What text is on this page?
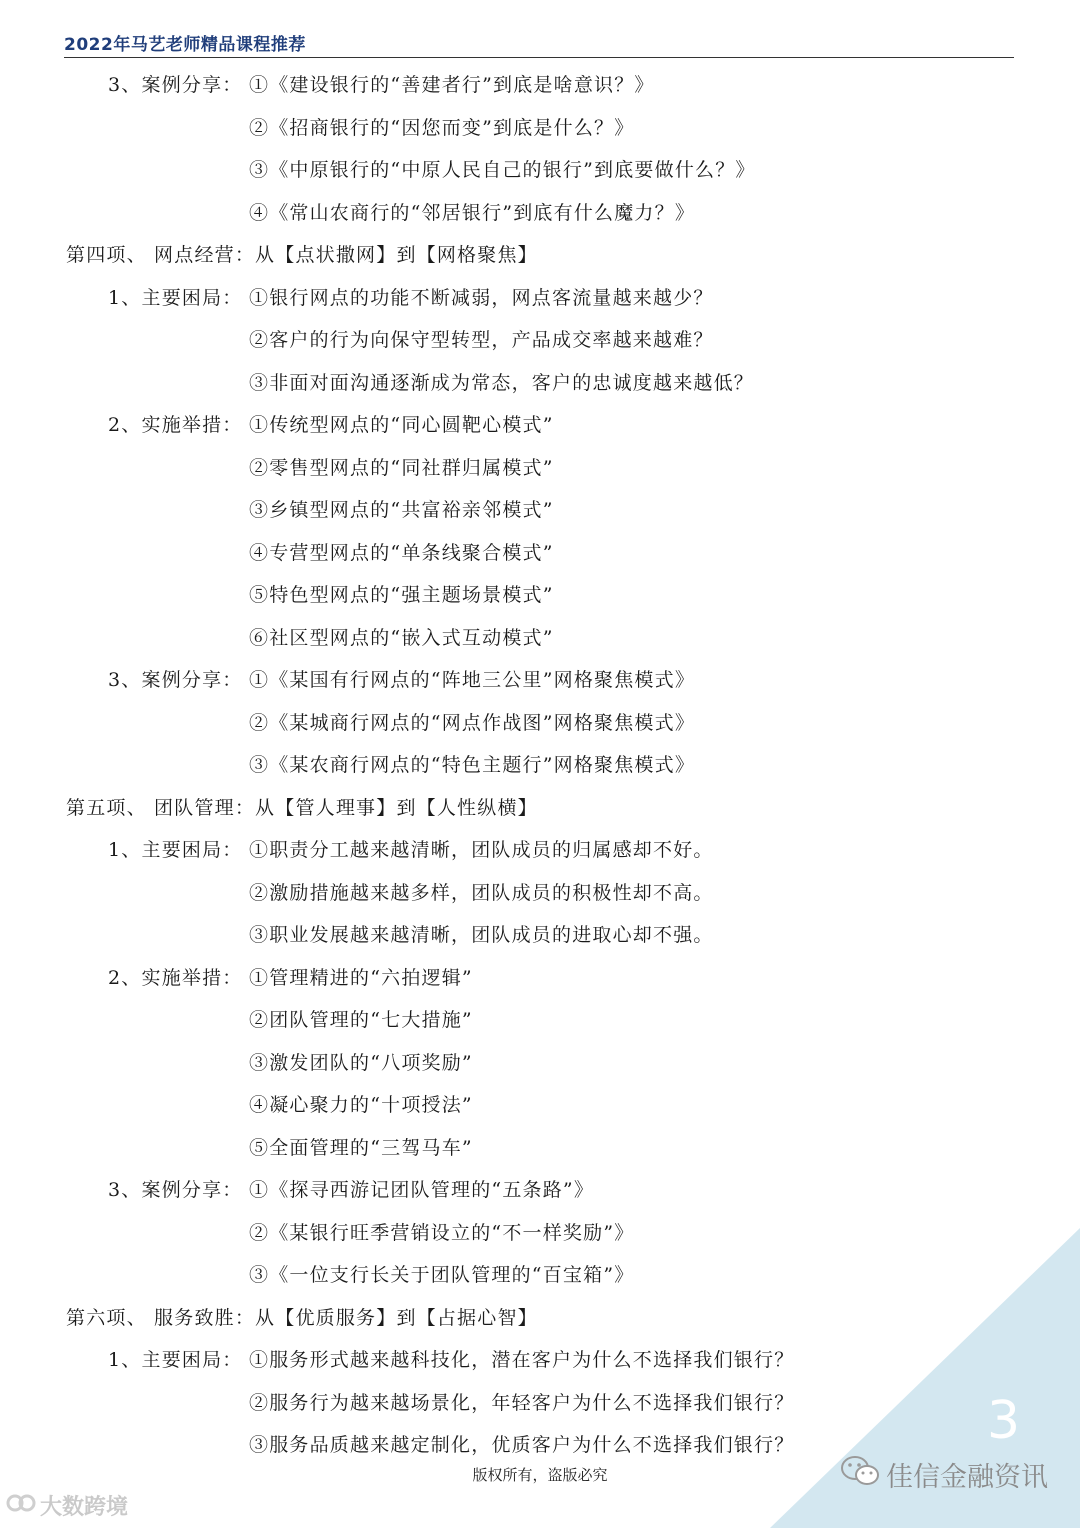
2022年马艺老师精品课程推荐
3、案例分享： ①《建设银行的“善建者行”到底是啥意识？》
②《招商银行的“因您而变”到底是什么？》
③《中原银行的“中原人民自己的银行”到底要做什么？》
④《常山农商行的“邻居银行”到底有什么魔力？》
第四项、 网点经营：从【点状撒网】到【网格聚焦】
1、主要困局： ①银行网点的功能不断减弱，网点客流量越来越少？
②客户的行为向保守型转型，产品成交率越来越难？
③非面对面沟通逐渐成为常态，客户的忠诚度越来越低？
2、实施举措： ①传统型网点的“同心圆靶心模式”
②零售型网点的“同社群归属模式”
③乡镇型网点的“共富裕亲邻模式”
④专营型网点的“单条线聚合模式”
⑤特色型网点的“强主题场景模式”
⑥社区型网点的“嵌入式互动模式”
3、案例分享： ①《某国有行网点的“阵地三公里”网格聚焦模式》
②《某城商行网点的“网点作战图”网格聚焦模式》
③《某农商行网点的“特色主题行”网格聚焦模式》
第五项、 团队管理：从【管人理事】到【人性纵横】
1、主要困局： ①职责分工越来越清晰，团队成员的归属感却不好。
②激励措施越来越多样，团队成员的积极性却不高。
③职业发展越来越清晰，团队成员的进取心却不强。
2、实施举措： ①管理精进的“六拍逻辑”
②团队管理的“七大措施”
③激发团队的“八项奖励”
④凝心聚力的“十项授法”
⑤全面管理的“三驾马车”
3、案例分享： ①《探寻西游记团队管理的“五条路”》
②《某银行旺季营销设立的“不一样奖励”》
③《一位支行长关于团队管理的“百宝箱”》
第六项、 服务致胜：从【优质服务】到【占据心智】
1、主要困局： ①服务形式越来越科技化，潜在客户为什么不选择我们银行？
②服务行为越来越场景化，年轻客户为什么不选择我们银行？
③服务品质越来越定制化，优质客户为什么不选择我们银行？	3
版权所有，盗版必究
大数跨境
佳信金融资讯
